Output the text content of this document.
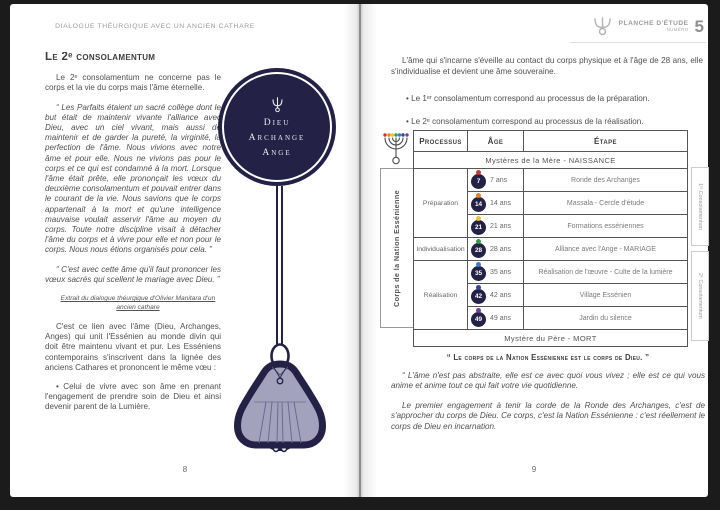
DIALOGUE THÉURGIQUE AVEC UN ANCIEN CATHARE
Le 2ᵉ consolamentum

Le 2ᵉ consolamentum ne concerne pas le corps et la vie du corps mais l'âme éternelle.

“ Les Parfaits étaient un sacré collège dont le but était de maintenir vivante l'alliance avec Dieu, avec un ciel vivant, mais aussi de maintenir et de garder la pureté, la virginité, la perfection de l'âme. Nous vivions avec notre âme et pour elle. Nous ne vivions pas pour le corps et ce qui est condamné à la mort. Lorsque l'âme était prête, elle prononçait les vœux du deuxième consolamentum et pouvait entrer dans le courant de la vie. Nous savions que le corps appartenait à la mort et qu'une intelligence mauvaise voulait asservir l'âme au moyen du corps. Toute notre discipline visait à détacher l'âme du corps et à vivre pour elle et non pour le corps. Nous nous étions organisés pour cela. ”

“ C'est avec cette âme qu'il faut prononcer les vœux sacrés qui scellent le mariage avec Dieu. ”

Extrait du dialogue théurgique d'Olivier Manitara d'un ancien cathare

C'est ce lien avec l'âme (Dieu, Archanges, Anges) qui unit l'Essénien au monde divin qui doit être maintenu vivant et pur. Les Esséniens contemporains s'inscrivent dans la lignée des anciens Cathares et prononcent le même vœu :

• Celui de vivre avec son âme en prenant l'engagement de prendre soin de Dieu et ainsi devenir parent de la Lumière.

Dieu
Archange
Ange
8
PLANCHE D'ÉTUDE
NUMÉRO 5
L'âme qui s'incarne s'éveille au contact du corps physique et à l'âge de 28 ans, elle s'individualise et devient une âme souveraine.
• Le 1ᵉʳ consolamentum correspond au processus de la préparation.
• Le 2ᵉ consolamentum correspond au processus de la réalisation.
Corps de la Nation Essénienne	1ᵉʳ Consolamentum
2ᵉ Consolamentum
Processus	Âge	Étape
Mystères de la Mère - NAISSANCE		
Préparation	7 7 ans	Ronde des Archanges

	14 14 ans	Massala - Cercle d'étude

	21 21 ans	Formations esséniennes
Individualisation	28 28 ans	Alliance avec l'Ange - MARIAGE
Réalisation	35 35 ans	Réalisation de l'œuvre - Culte de la lumière

	42 42 ans	Village Essénien

	49 49 ans	Jardin du silence
Mystère du Père - MORT		

“ Le corps de la Nation Essénienne est le corps de Dieu. ”

“ L'âme n'est pas abstraite, elle est ce avec quoi vous vivez ; elle est ce qui vous anime et anime tout ce qui fait votre vie quotidienne.

Le premier engagement à tenir la corde de la Ronde des Archanges, c'est de s'approcher du corps de Dieu. Ce corps, c'est la Nation Essénienne : c'est réellement le corps de Dieu en incarnation.

9
